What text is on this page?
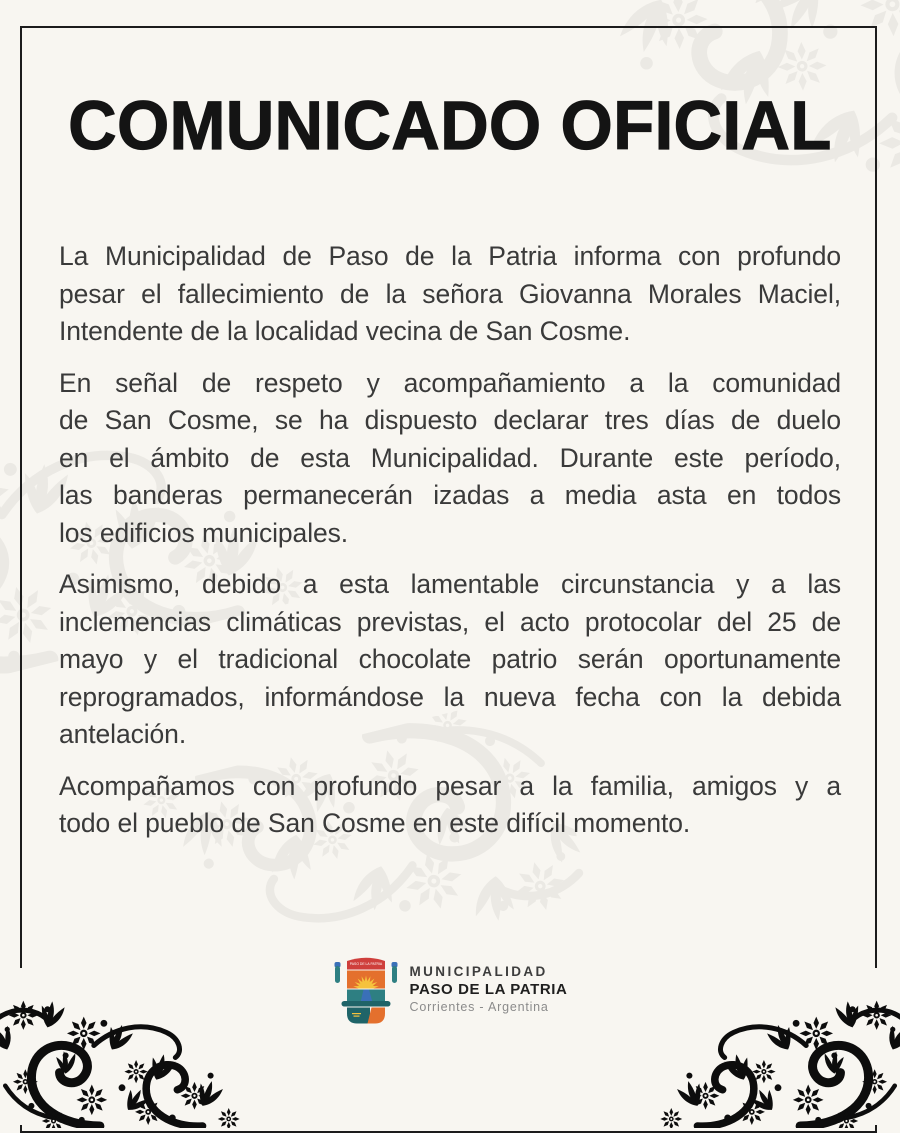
COMUNICADO OFICIAL
La Municipalidad de Paso de la Patria informa con profundo
pesar el fallecimiento de la señora Giovanna Morales Maciel,
Intendente de la localidad vecina de San Cosme.
En señal de respeto y acompañamiento a la comunidad
de San Cosme, se ha dispuesto declarar tres días de duelo
en el ámbito de esta Municipalidad. Durante este período,
las banderas permanecerán izadas a media asta en todos
los edificios municipales.
Asimismo, debido a esta lamentable circunstancia y a las
inclemencias climáticas previstas, el acto protocolar del 25 de
mayo y el tradicional chocolate patrio serán oportunamente
reprogramados, informándose la nueva fecha con la debida
antelación.
Acompañamos con profundo pesar a la familia, amigos y a
todo el pueblo de San Cosme en este difícil momento.
PASO DE LA PATRIA MUNICIPALIDAD
PASO DE LA PATRIA
Corrientes - Argentina
